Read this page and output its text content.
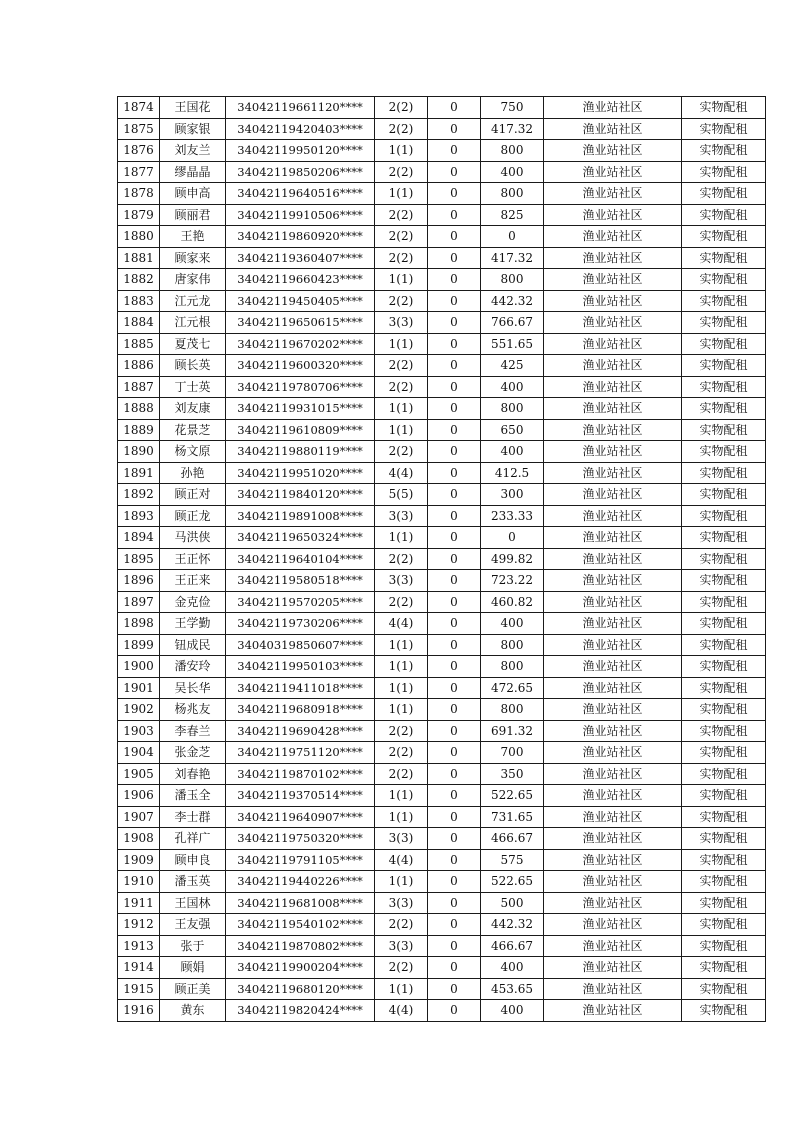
1874	王国花	34042119661120****	2(2)	0	750	渔业站社区	实物配租
1875	顾家银	34042119420403****	2(2)	0	417.32	渔业站社区	实物配租
1876	刘友兰	34042119950120****	1(1)	0	800	渔业站社区	实物配租
1877	缪晶晶	34042119850206****	2(2)	0	400	渔业站社区	实物配租
1878	顾申高	34042119640516****	1(1)	0	800	渔业站社区	实物配租
1879	顾丽君	34042119910506****	2(2)	0	825	渔业站社区	实物配租
1880	王艳	34042119860920****	2(2)	0	0	渔业站社区	实物配租
1881	顾家来	34042119360407****	2(2)	0	417.32	渔业站社区	实物配租
1882	唐家伟	34042119660423****	1(1)	0	800	渔业站社区	实物配租
1883	江元龙	34042119450405****	2(2)	0	442.32	渔业站社区	实物配租
1884	江元根	34042119650615****	3(3)	0	766.67	渔业站社区	实物配租
1885	夏茂七	34042119670202****	1(1)	0	551.65	渔业站社区	实物配租
1886	顾长英	34042119600320****	2(2)	0	425	渔业站社区	实物配租
1887	丁士英	34042119780706****	2(2)	0	400	渔业站社区	实物配租
1888	刘友康	34042119931015****	1(1)	0	800	渔业站社区	实物配租
1889	花景芝	34042119610809****	1(1)	0	650	渔业站社区	实物配租
1890	杨文原	34042119880119****	2(2)	0	400	渔业站社区	实物配租
1891	孙艳	34042119951020****	4(4)	0	412.5	渔业站社区	实物配租
1892	顾正对	34042119840120****	5(5)	0	300	渔业站社区	实物配租
1893	顾正龙	34042119891008****	3(3)	0	233.33	渔业站社区	实物配租
1894	马洪侠	34042119650324****	1(1)	0	0	渔业站社区	实物配租
1895	王正怀	34042119640104****	2(2)	0	499.82	渔业站社区	实物配租
1896	王正来	34042119580518****	3(3)	0	723.22	渔业站社区	实物配租
1897	金克俭	34042119570205****	2(2)	0	460.82	渔业站社区	实物配租
1898	王学勤	34042119730206****	4(4)	0	400	渔业站社区	实物配租
1899	钮成民	34040319850607****	1(1)	0	800	渔业站社区	实物配租
1900	潘安玲	34042119950103****	1(1)	0	800	渔业站社区	实物配租
1901	吴长华	34042119411018****	1(1)	0	472.65	渔业站社区	实物配租
1902	杨兆友	34042119680918****	1(1)	0	800	渔业站社区	实物配租
1903	李春兰	34042119690428****	2(2)	0	691.32	渔业站社区	实物配租
1904	张金芝	34042119751120****	2(2)	0	700	渔业站社区	实物配租
1905	刘春艳	34042119870102****	2(2)	0	350	渔业站社区	实物配租
1906	潘玉全	34042119370514****	1(1)	0	522.65	渔业站社区	实物配租
1907	李士群	34042119640907****	1(1)	0	731.65	渔业站社区	实物配租
1908	孔祥广	34042119750320****	3(3)	0	466.67	渔业站社区	实物配租
1909	顾申良	34042119791105****	4(4)	0	575	渔业站社区	实物配租
1910	潘玉英	34042119440226****	1(1)	0	522.65	渔业站社区	实物配租
1911	王国林	34042119681008****	3(3)	0	500	渔业站社区	实物配租
1912	王友强	34042119540102****	2(2)	0	442.32	渔业站社区	实物配租
1913	张于	34042119870802****	3(3)	0	466.67	渔业站社区	实物配租
1914	顾娟	34042119900204****	2(2)	0	400	渔业站社区	实物配租
1915	顾正美	34042119680120****	1(1)	0	453.65	渔业站社区	实物配租
1916	黄东	34042119820424****	4(4)	0	400	渔业站社区	实物配租
